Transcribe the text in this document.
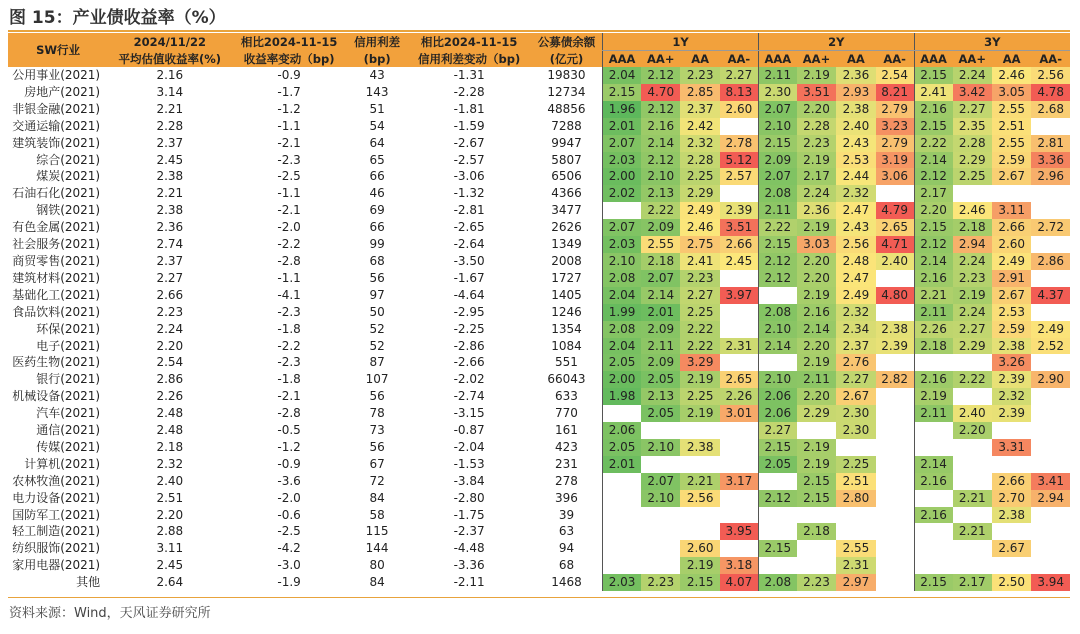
图 15：产业债收益率（%）
SW行业	2024/11/22	相比2024-11-15	信用利差	相比2024-11-15	公募债余额	1Y				2Y				3Y			
	平均估值收益率(%)	收益率变动（bp)	(bp)	信用利差变动（bp)	(亿元)	AAA	AA+	AA	AA-	AAA	AA+	AA	AA-	AAA	AA+	AA	AA-
公用事业(2021)	2.16	-0.9	43	-1.31	19830	2.04	2.12	2.23	2.27	2.11	2.19	2.36	2.54	2.15	2.24	2.46	2.56
房地产(2021)	3.14	-1.7	143	-2.28	12734	2.15	4.70	2.85	8.13	2.30	3.51	2.93	8.21	2.41	3.42	3.05	4.78
非银金融(2021)	2.21	-1.2	51	-1.81	48856	1.96	2.12	2.37	2.60	2.07	2.20	2.38	2.79	2.16	2.27	2.55	2.68
交通运输(2021)	2.28	-1.1	54	-1.59	7288	2.01	2.16	2.42		2.10	2.28	2.40	3.23	2.15	2.35	2.51	
建筑装饰(2021)	2.37	-2.1	64	-2.67	9947	2.07	2.14	2.32	2.78	2.15	2.23	2.43	2.79	2.22	2.28	2.55	2.81
综合(2021)	2.45	-2.3	65	-2.57	5807	2.03	2.12	2.28	5.12	2.09	2.19	2.53	3.19	2.14	2.29	2.59	3.36
煤炭(2021)	2.38	-2.5	66	-3.06	6506	2.00	2.10	2.25	2.57	2.07	2.17	2.44	3.06	2.12	2.25	2.67	2.96
石油石化(2021)	2.21	-1.1	46	-1.32	4366	2.02	2.13	2.29		2.08	2.24	2.32		2.17			
钢铁(2021)	2.38	-2.1	69	-2.81	3477		2.22	2.49	2.39	2.11	2.36	2.47	4.79	2.20	2.46	3.11	
有色金属(2021)	2.36	-2.0	66	-2.65	2626	2.07	2.09	2.46	3.51	2.22	2.19	2.43	2.65	2.15	2.18	2.66	2.72
社会服务(2021)	2.74	-2.2	99	-2.64	1349	2.03	2.55	2.75	2.66	2.15	3.03	2.56	4.71	2.12	2.94	2.60	
商贸零售(2021)	2.37	-2.8	68	-3.50	2008	2.10	2.18	2.41	2.45	2.12	2.20	2.48	2.40	2.14	2.24	2.49	2.86
建筑材料(2021)	2.27	-1.1	56	-1.67	1727	2.08	2.07	2.23		2.12	2.20	2.47		2.16	2.23	2.91	
基础化工(2021)	2.66	-4.1	97	-4.64	1405	2.04	2.14	2.27	3.97		2.19	2.49	4.80	2.21	2.19	2.67	4.37
食品饮料(2021)	2.23	-2.3	50	-2.95	1246	1.99	2.01	2.25		2.08	2.16	2.32		2.11	2.24	2.53	
环保(2021)	2.24	-1.8	52	-2.25	1354	2.08	2.09	2.22		2.10	2.14	2.34	2.38	2.26	2.27	2.59	2.49
电子(2021)	2.20	-2.2	52	-2.86	1084	2.04	2.11	2.22	2.31	2.14	2.20	2.37	2.39	2.18	2.29	2.38	2.52
医药生物(2021)	2.54	-2.3	87	-2.66	551	2.05	2.09	3.29			2.19	2.76				3.26	
银行(2021)	2.86	-1.8	107	-2.02	66043	2.00	2.05	2.19	2.65	2.10	2.11	2.27	2.82	2.16	2.22	2.39	2.90
机械设备(2021)	2.26	-2.1	56	-2.74	633	1.98	2.13	2.25	2.26	2.06	2.20	2.67		2.19		2.32	
汽车(2021)	2.48	-2.8	78	-3.15	770		2.05	2.19	3.01	2.06	2.29	2.30		2.11	2.40	2.39	
通信(2021)	2.48	-0.5	73	-0.87	161	2.06				2.27		2.30			2.20		
传媒(2021)	2.18	-1.2	56	-2.04	423	2.05	2.10	2.38		2.15	2.19					3.31	
计算机(2021)	2.32	-0.9	67	-1.53	231	2.01				2.05	2.19	2.25		2.14			
农林牧渔(2021)	2.40	-3.6	72	-3.84	278		2.07	2.21	3.17		2.15	2.51		2.16		2.66	3.41
电力设备(2021)	2.51	-2.0	84	-2.80	396		2.10	2.56		2.12	2.15	2.80			2.21	2.70	2.94
国防军工(2021)	2.20	-0.6	58	-1.75	39									2.16		2.38	
轻工制造(2021)	2.88	-2.5	115	-2.37	63				3.95		2.18				2.21		
纺织服饰(2021)	3.11	-4.2	144	-4.48	94			2.60		2.15		2.55				2.67	
家用电器(2021)	2.45	-3.0	80	-3.36	68			2.19	3.18			2.31					
其他	2.64	-1.9	84	-2.11	1468	2.03	2.23	2.15	4.07	2.08	2.23	2.97		2.15	2.17	2.50	3.94
资料来源：Wind，天风证券研究所
